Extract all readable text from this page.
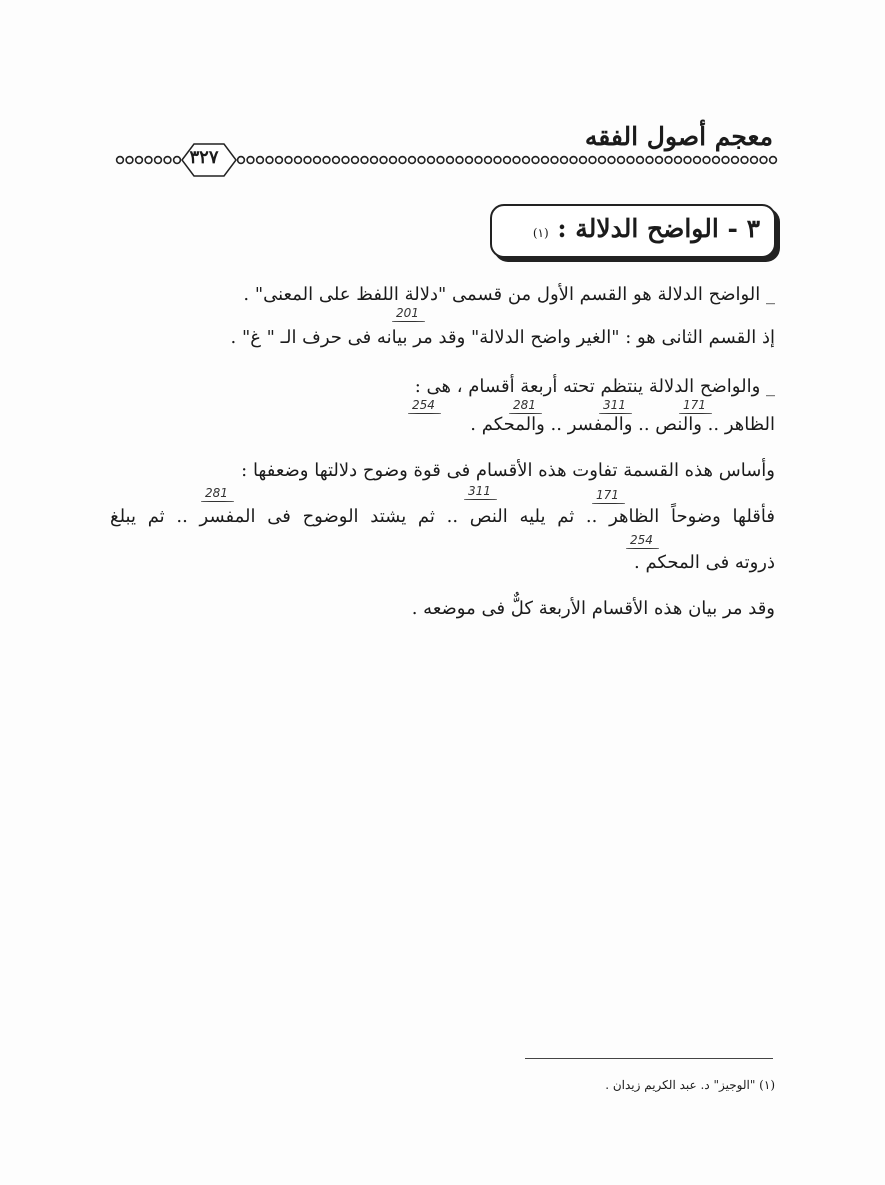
معجم أصول الفقه
٣٢٧
٣ - الواضح الدلالة : (١)
_ الواضح الدلالة هو القسم الأول من قسمى "دلالة اللفظ على المعنى" .
201
إذ القسم الثانى هو : "الغير واضح الدلالة" وقد مر بيانه فى حرف الـ " غ" .
_ والواضح الدلالة ينتظم تحته أربعة أقسام ، هى :
254	281	311	171
الظاهر .. والنص .. والمفسر .. والمحكم .
وأساس هذه القسمة تفاوت هذه الأقسام فى قوة وضوح دلالتها وضعفها :
281	311	171
فأقلها وضوحاً الظاهر .. ثم يليه النص .. ثم يشتد الوضوح فى المفسر .. ثم يبلغ
254
ذروته فى المحكم .
وقد مر بيان هذه الأقسام الأربعة كلٌّ فى موضعه .
(١) "الوجيز" د. عبد الكريم زيدان .
